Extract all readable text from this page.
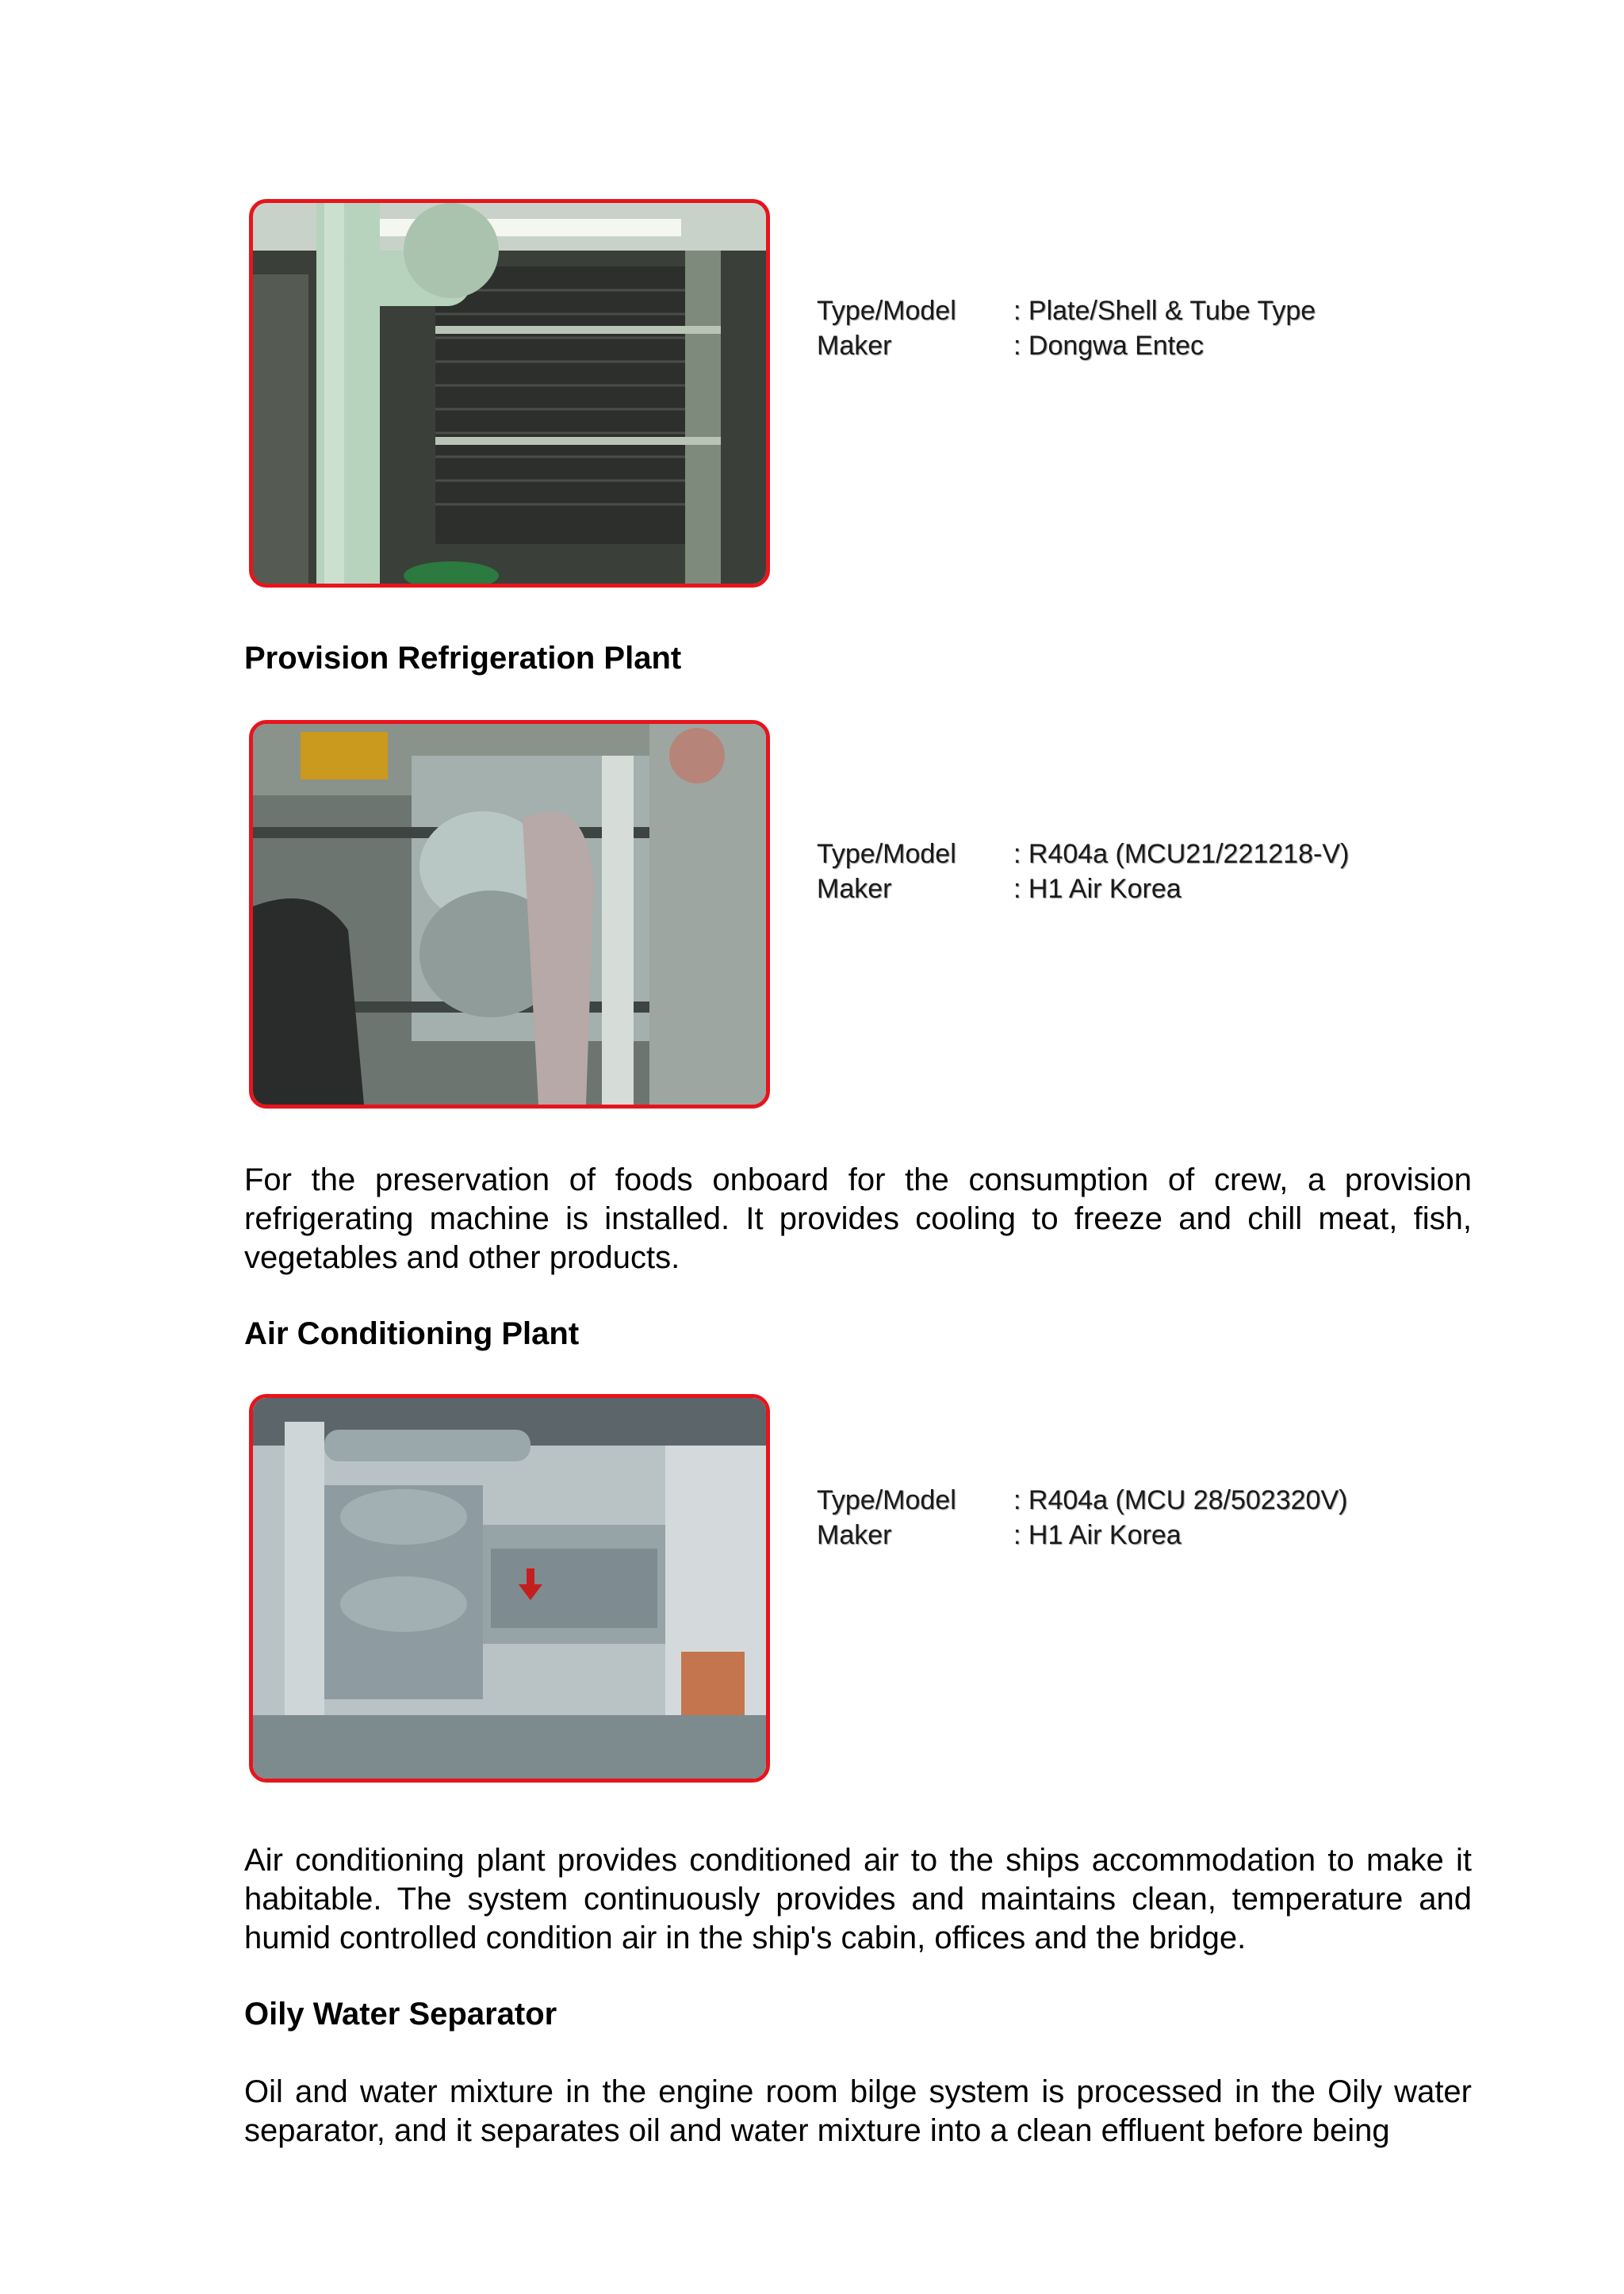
Type/Model	: Plate/Shell & Tube Type
Maker	: Dongwa Entec
Provision Refrigeration Plant
Type/Model	: R404a (MCU21/221218-V)
Maker	: H1 Air Korea
For the preservation of foods onboard for the consumption of crew, a provision refrigerating machine is installed. It provides cooling to freeze and chill meat, fish, vegetables and other products.
Air Conditioning Plant
Type/Model	: R404a (MCU 28/502320V)
Maker	: H1 Air Korea
Air conditioning plant provides conditioned air to the ships accommodation to make it habitable. The system continuously provides and maintains clean, temperature and humid controlled condition air in the ship's cabin, offices and the bridge.
Oily Water Separator
Oil and water mixture in the engine room bilge system is processed in the Oily water separator, and it separates oil and water mixture into a clean effluent before being
